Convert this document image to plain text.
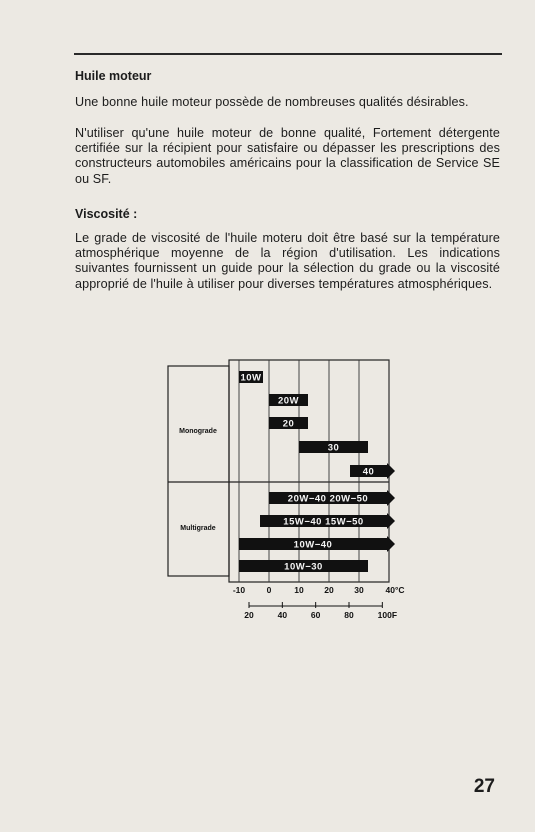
Huile moteur
Une bonne huile moteur possède de nombreuses qualités désirables.
N'utiliser qu'une huile moteur de bonne qualité, Fortement détergente certifiée sur la récipient pour satisfaire ou dépasser les prescriptions des constructeurs automobiles américains pour la classification de Service SE ou SF.
Viscosité :
Le grade de viscosité de l'huile moteru doit être basé sur la température atmosphérique moyenne de la région d'utilisation. Les indications suivantes fournissent un guide pour la sélection du grade ou la viscosité approprié de l'huile à utiliser pour diverses températures atmosphériques.
Monograde
Multigrade
10W
20W
20
30
40
20W−40 20W−50
15W−40 15W−50
10W−40
10W−30
-10	0	10 20 30	40°C
20	40	60	80	100F
27
